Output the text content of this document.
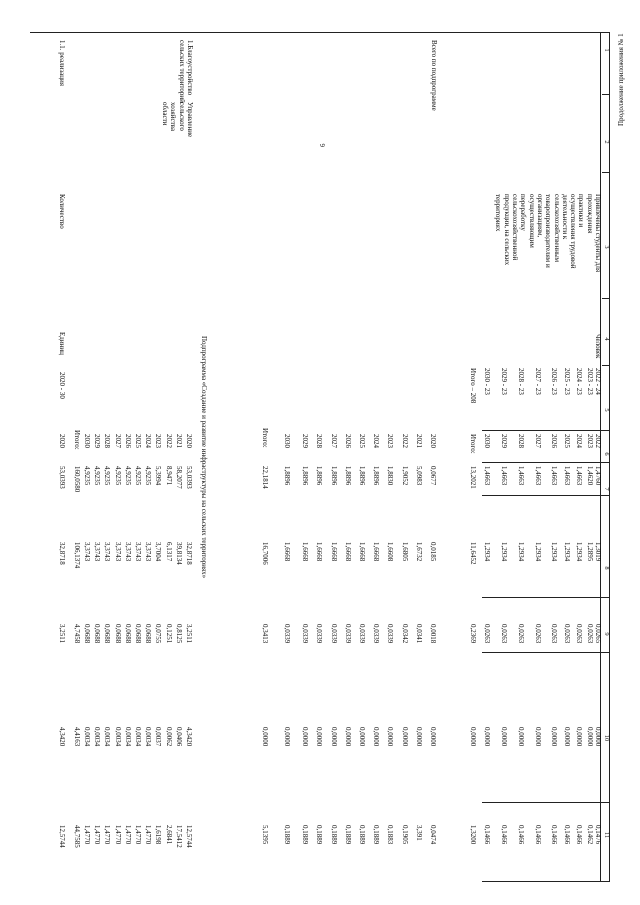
6
Продолжение приложения № 1
1
2
3
4
5
6
7
8
9
10
11
Привлечены студенты для
прохождения
практики и
осуществления трудовой
деятельности к
сельскохозяйственным
товаропроизводителям и
организациям,
осуществляющим
переработку
сельскохозяйственной
продукции, на сельских
территориях
Человек
2022 - 24
2023 - 23
2024 - 23
2025 - 23
2026 - 23
2027 - 23
2028 - 23
2029 - 23
2030 - 23
Итого – 208
2022
2023
2024
2025
2026
2027
2028
2029
2030
Итого:
1,4760
1,4620
1,4663
1,4663
1,4663
1,4663
1,4663
1,4663
1,4663
13,2021
1,3019
1,2895
1,2934
1,2934
1,2934
1,2934
1,2934
1,2934
1,2934
11,6452
0,0265
0,0263
0,0263
0,0263
0,0263
0,0263
0,0263
0,0263
0,0263
0,2369
0,0000
0,0000
0,0000
0,0000
0,0000
0,0000
0,0000
0,0000
0,0000
0,0000
0,1476
0,1462
0,1466
0,1466
0,1466
0,1466
0,1466
0,1466
0,1466
1,3200
Всего по подпрограмме
2020
2021
2022
2023
2024
2025
2026
2027
2028
2029
2030
Итого:
0,0677
5,0983
1,9052
1,8830
1,8896
1,8896
1,8896
1,8896
1,8896
1,8896
1,8896
22,1814
0,0185
1,6732
1,6805
1,6608
1,6668
1,6668
1,6668
1,6668
1,6668
1,6668
1,6668
16,7006
0,0018
0,0341
0,0342
0,0339
0,0339
0,0339
0,0339
0,0339
0,0339
0,0339
0,0339
0,3413
0,0000
0,0000
0,0000
0,0000
0,0000
0,0000
0,0000
0,0000
0,0000
0,0000
0,0000
0,0000
0,0474
3,391
0,1905
0,1883
0,1889
0,1889
0,1889
0,1889
0,1889
0,1889
0,1889
5,1395
Подпрограмма «Создание и развитие инфраструктуры на сельских территориях»
1.Благоустройство
сельских территорий
Управление
сельского
хозяйства
области
2020
2021
2022
2023
2024
2025
2026
2027
2028
2029
2030
Итого:
53,0393
58,2077
8,9471
5,3994
4,9235
4,9235
4,9235
4,9235
4,9235
4,9235
4,9235
160,0580
32,8718
39,8134
6,1317
3,7004
3,3743
3,3743
3,3743
3,3743
3,3743
3,3743
3,3743
106,1374
3,2511
0,8125
0,1251
0,0755
0,0688
0,0688
0,0688
0,0688
0,0688
0,0688
0,0688
4,7458
4,3420
0,0406
0,0062
0,0037
0,0034
0,0034
0,0034
0,0034
0,0034
0,0034
0,0034
4,4163
12,5744
17,5412
2,6841
1,6198
1,4770
1,4770
1,4770
1,4770
1,4770
1,4770
1,4770
44,7585
1.1. реализация
Количество
Единиц
2020 - 30
2020
53,0393
32,8718
3,2511
4,3420
12,5744
